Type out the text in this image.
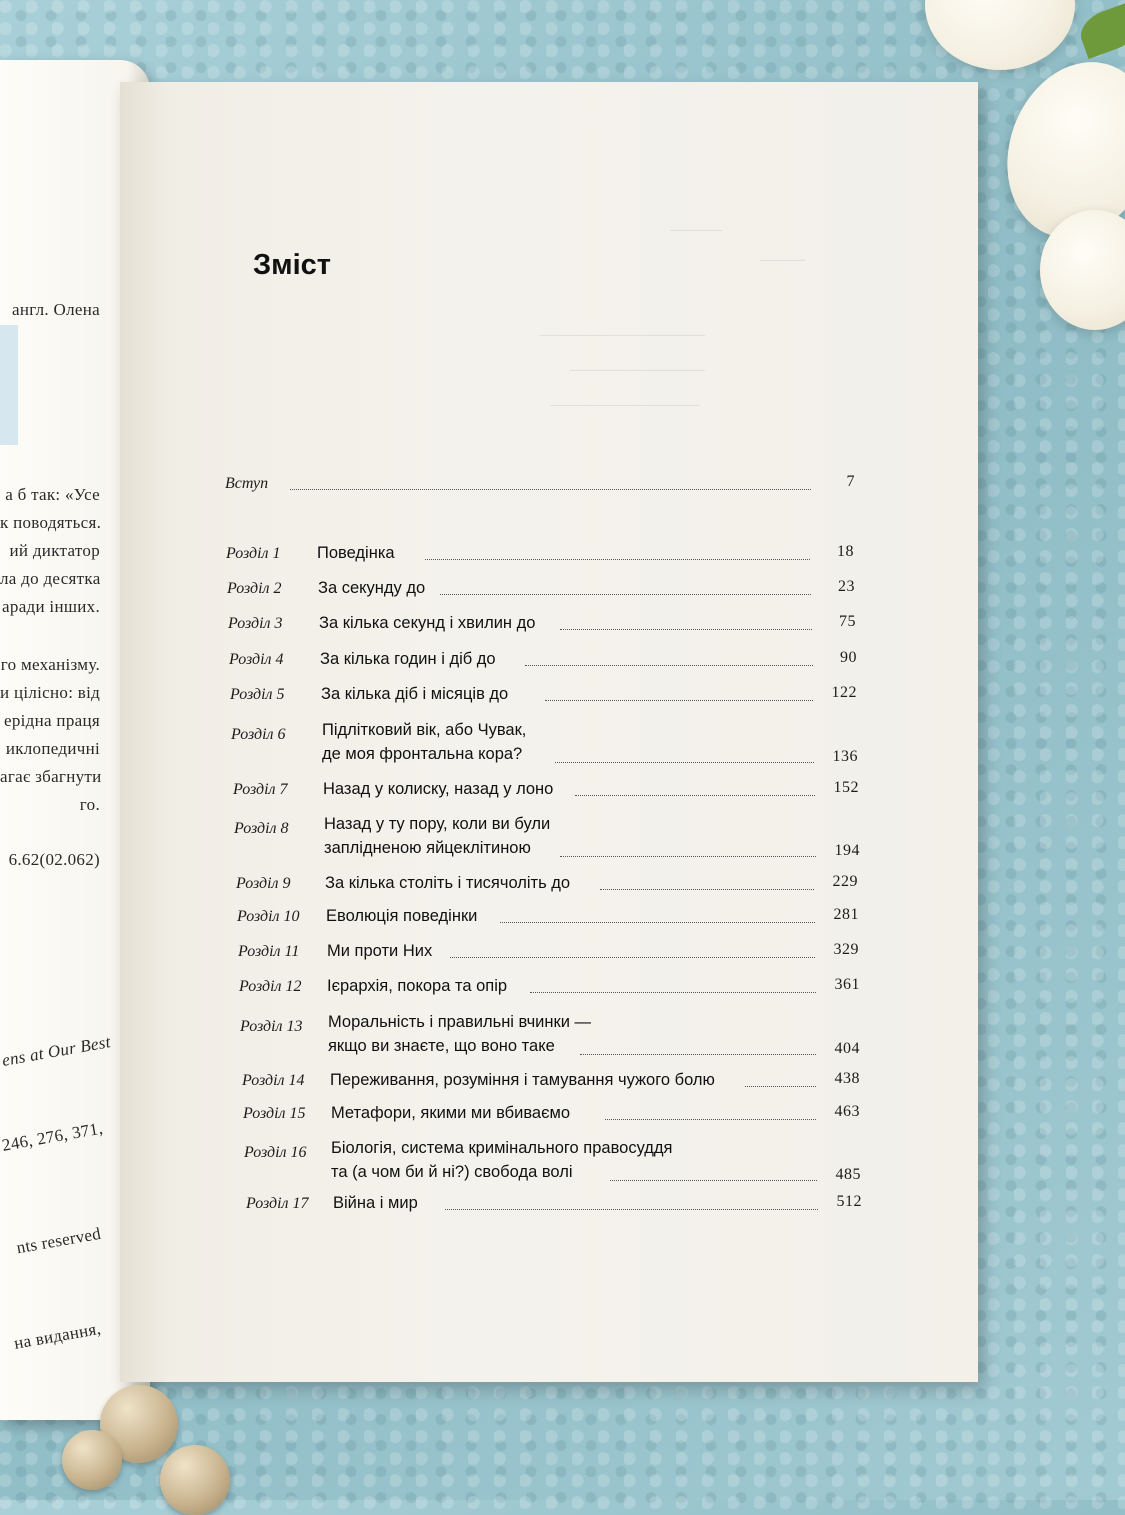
англ. Олена
а б так: «Усе
к поводяться.
ий диктатор
ла до десятка
аради інших.
го механізму.
и цілісно: від
ерідна праця
иклопедичні
агає збагнути
го.
6.62(02.062)
ens at Our Best
246, 276, 371,
nts reserved
на видання,
_______
______
______________________
__________________
____________________
Зміст
Вступ	7
Розділ 1 Поведінка	18
Розділ 2 За секунду до	23
Розділ 3 За кілька секунд і хвилин до	75
Розділ 4 За кілька годин і діб до	90
Розділ 5 За кілька діб і місяців до	122
Розділ 6 Підлітковий вік, або Чувак,
де моя фронтальна кора?	136
Розділ 7 Назад у колиску, назад у лоно	152
Розділ 8 Назад у ту пору, коли ви були
заплідненою яйцеклітиною	194
Розділ 9 За кілька століть і тисячоліть до	229
Розділ 10 Еволюція поведінки	281
Розділ 11 Ми проти Них	329
Розділ 12 Ієрархія, покора та опір	361
Розділ 13 Моральність і правильні вчинки —
якщо ви знаєте, що воно таке	404
Розділ 14 Переживання, розуміння і тамування чужого болю	438
Розділ 15 Метафори, якими ми вбиваємо	463
Розділ 16 Біологія, система кримінального правосуддя
та (а чом би й ні?) свобода волі	485
Розділ 17 Війна і мир	512
